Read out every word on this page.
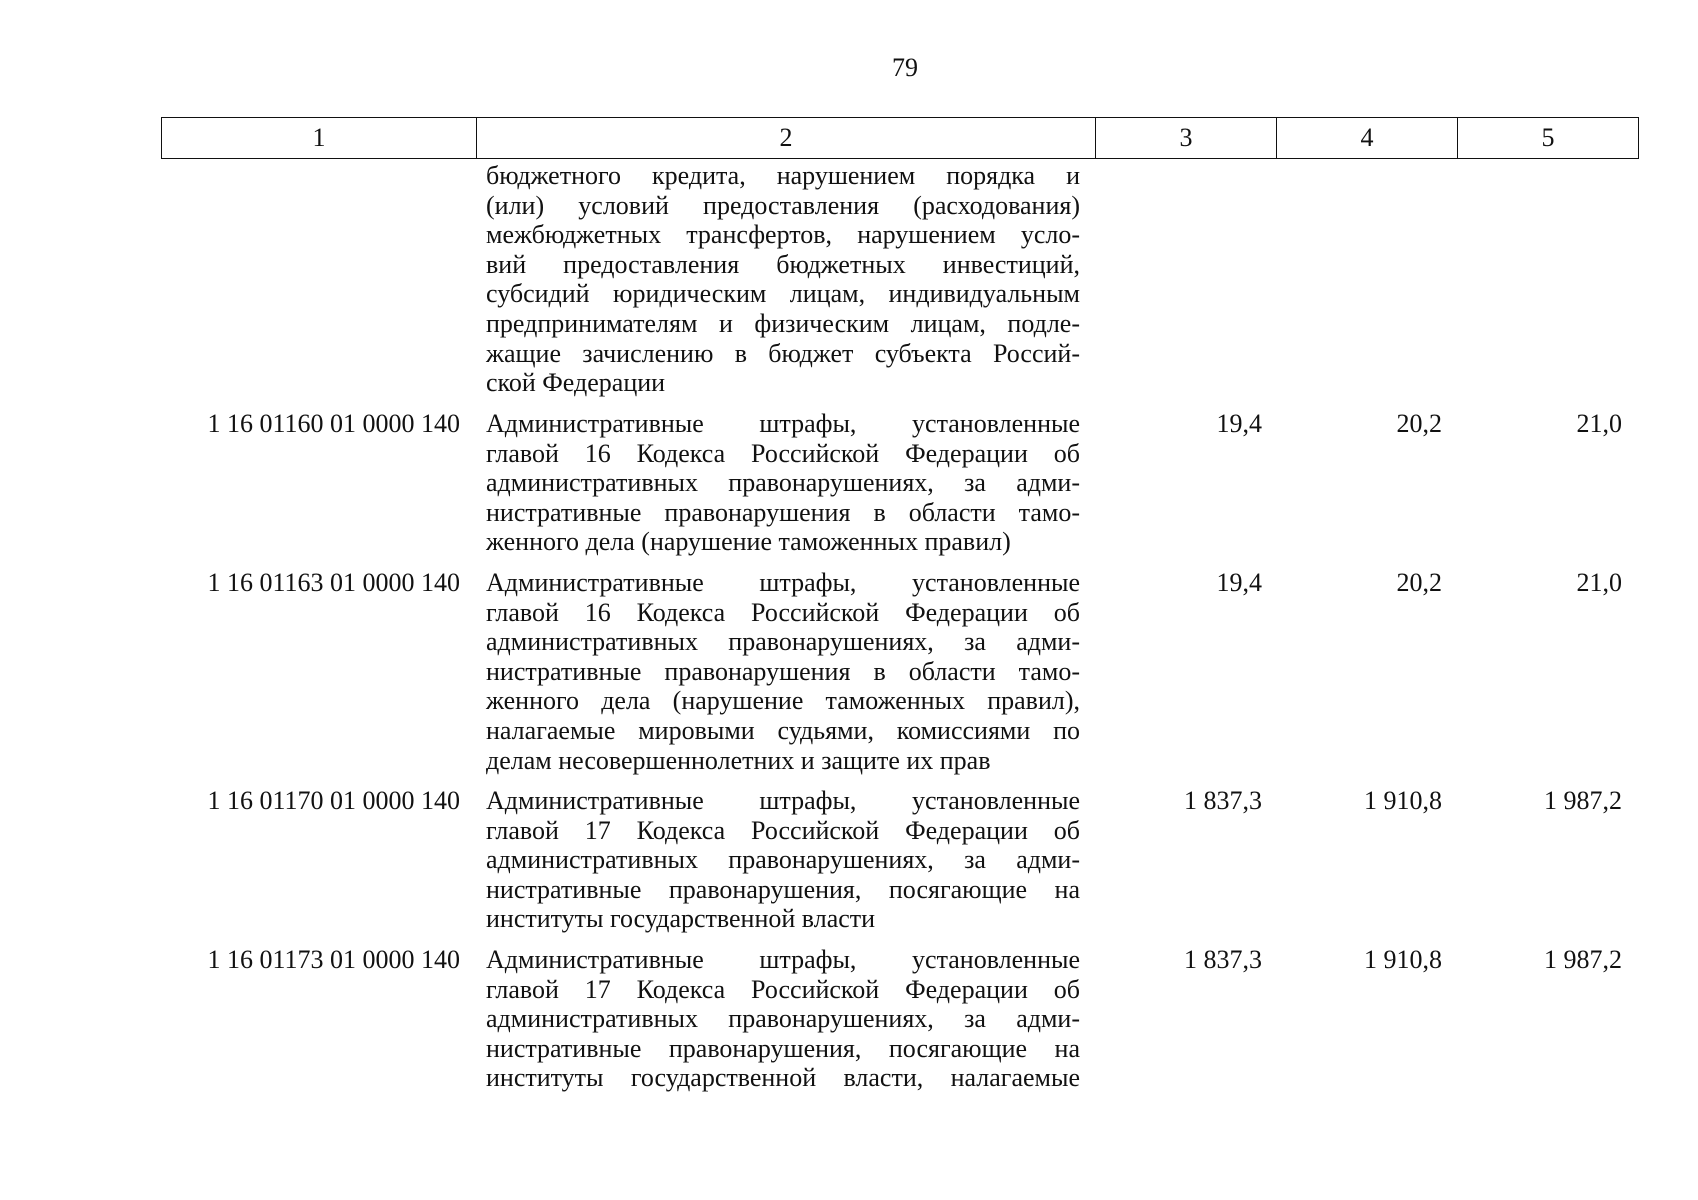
79
1	2	3	4	5
бюджетного кредита, нарушением порядка и
(или) условий предоставления (расходования)
межбюджетных трансфертов, нарушением усло-
вий предоставления бюджетных инвестиций,
субсидий юридическим лицам, индивидуальным
предпринимателям и физическим лицам, подле-
жащие зачислению в бюджет субъекта Россий-
ской Федерации
1 16 01160 01 0000 140 Административные штрафы, установленные
главой 16 Кодекса Российской Федерации об
административных правонарушениях, за адми-
нистративные правонарушения в области тамо-
женного дела (нарушение таможенных правил)
19,4	20,2	21,0
1 16 01163 01 0000 140 Административные штрафы, установленные
главой 16 Кодекса Российской Федерации об
административных правонарушениях, за адми-
нистративные правонарушения в области тамо-
женного дела (нарушение таможенных правил),
налагаемые мировыми судьями, комиссиями по
делам несовершеннолетних и защите их прав
19,4	20,2	21,0
1 16 01170 01 0000 140 Административные штрафы, установленные
главой 17 Кодекса Российской Федерации об
административных правонарушениях, за адми-
нистративные правонарушения, посягающие на
институты государственной власти
1 837,3	1 910,8	1 987,2
1 16 01173 01 0000 140 Административные штрафы, установленные
главой 17 Кодекса Российской Федерации об
административных правонарушениях, за адми-
нистративные правонарушения, посягающие на
институты государственной власти, налагаемые
1 837,3	1 910,8	1 987,2
